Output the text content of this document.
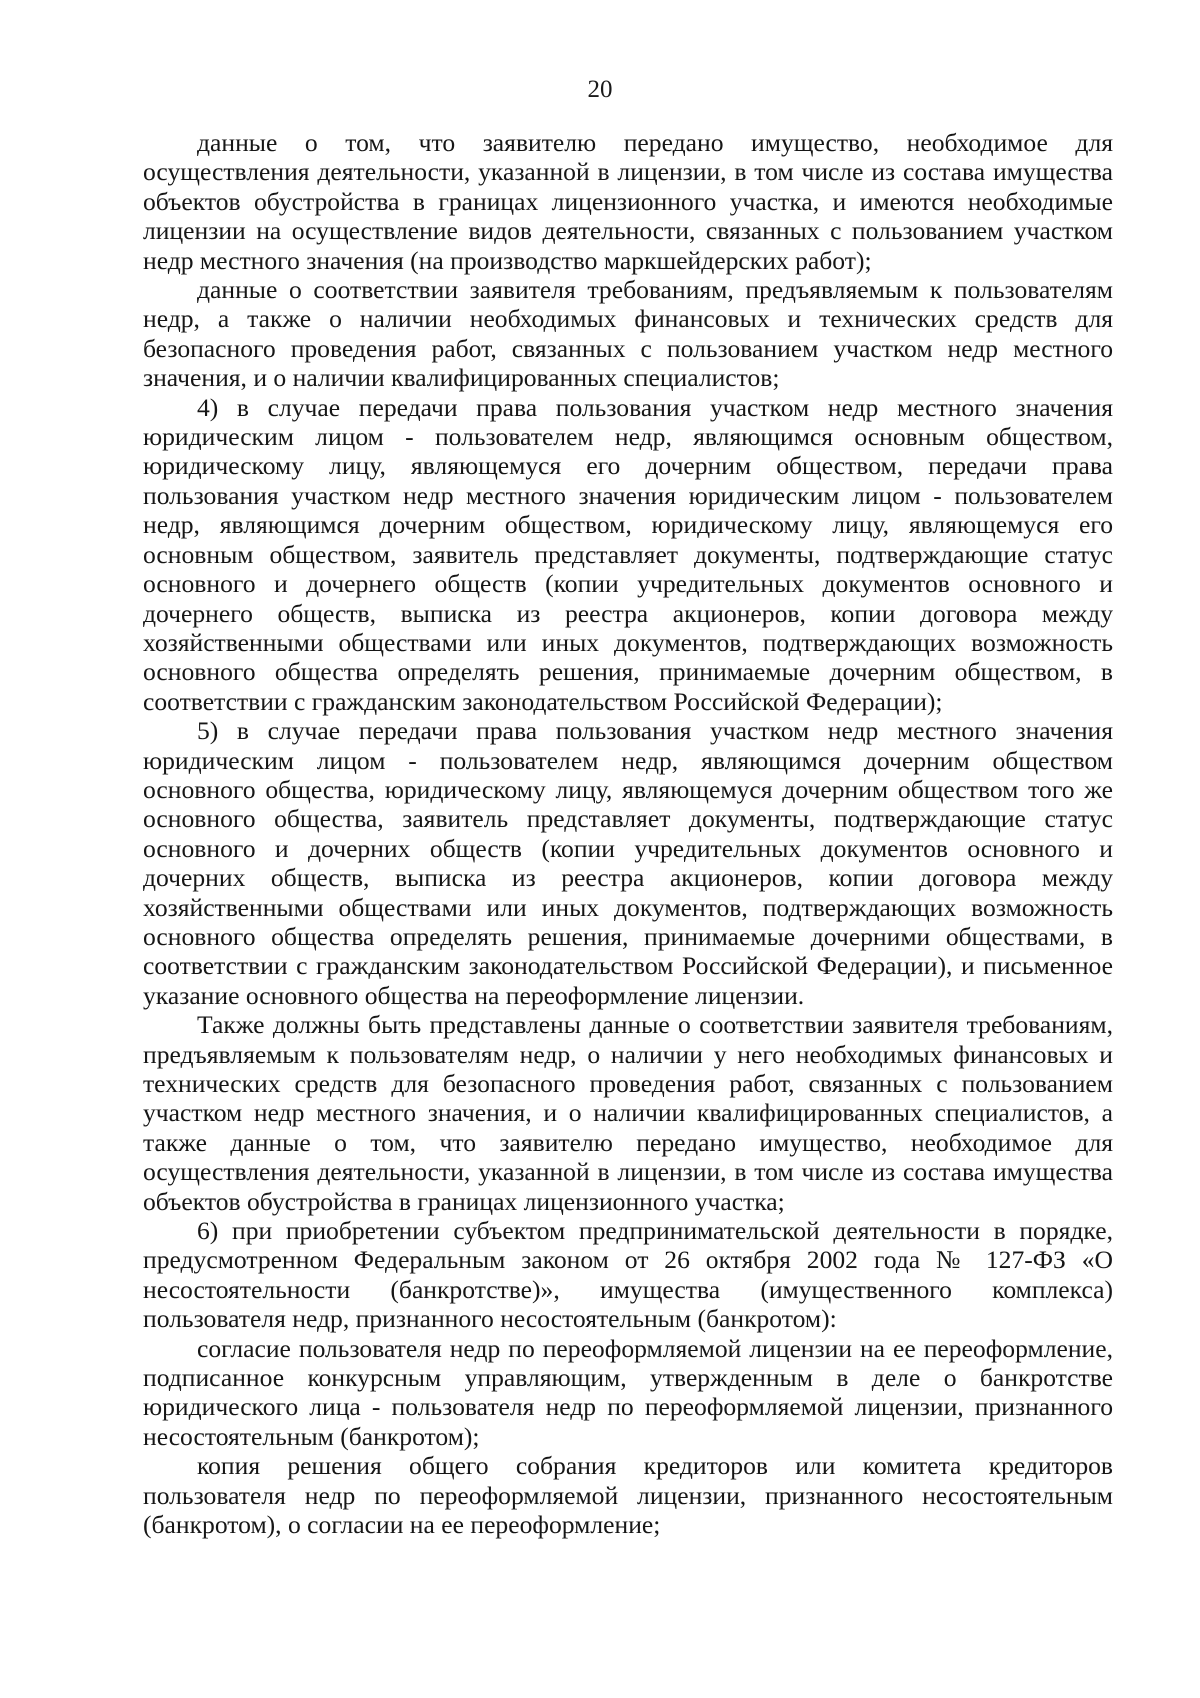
20

данные о том, что заявителю передано имущество, необходимое для осуществления деятельности, указанной в лицензии, в том числе из состава имущества объектов обустройства в границах лицензионного участка, и имеются необходимые лицензии на осуществление видов деятельности, связанных с пользованием участком недр местного значения (на производство маркшейдерских работ);

данные о соответствии заявителя требованиям, предъявляемым к пользователям недр, а также о наличии необходимых финансовых и технических средств для безопасного проведения работ, связанных с пользованием участком недр местного значения, и о наличии квалифицированных специалистов;

4) в случае передачи права пользования участком недр местного значения юридическим лицом - пользователем недр, являющимся основным обществом, юридическому лицу, являющемуся его дочерним обществом, передачи права пользования участком недр местного значения юридическим лицом - пользователем недр, являющимся дочерним обществом, юридическому лицу, являющемуся его основным обществом, заявитель представляет документы, подтверждающие статус основного и дочернего обществ (копии учредительных документов основного и дочернего обществ, выписка из реестра акционеров, копии договора между хозяйственными обществами или иных документов, подтверждающих возможность основного общества определять решения, принимаемые дочерним обществом, в соответствии с гражданским законодательством Российской Федерации);

5) в случае передачи права пользования участком недр местного значения юридическим лицом - пользователем недр, являющимся дочерним обществом основного общества, юридическому лицу, являющемуся дочерним обществом того же основного общества, заявитель представляет документы, подтверждающие статус основного и дочерних обществ (копии учредительных документов основного и дочерних обществ, выписка из реестра акционеров, копии договора между хозяйственными обществами или иных документов, подтверждающих возможность основного общества определять решения, принимаемые дочерними обществами, в соответствии с гражданским законодательством Российской Федерации), и письменное указание основного общества на переоформление лицензии.

Также должны быть представлены данные о соответствии заявителя требованиям, предъявляемым к пользователям недр, о наличии у него необходимых финансовых и технических средств для безопасного проведения работ, связанных с пользованием участком недр местного значения, и о наличии квалифицированных специалистов, а также данные о том, что заявителю передано имущество, необходимое для осуществления деятельности, указанной в лицензии, в том числе из состава имущества объектов обустройства в границах лицензионного участка;

6) при приобретении субъектом предпринимательской деятельности в порядке, предусмотренном Федеральным законом от 26 октября 2002 года № 127-ФЗ «О несостоятельности (банкротстве)», имущества (имущественного комплекса) пользователя недр, признанного несостоятельным (банкротом):

согласие пользователя недр по переоформляемой лицензии на ее переоформление, подписанное конкурсным управляющим, утвержденным в деле о банкротстве юридического лица - пользователя недр по переоформляемой лицензии, признанного несостоятельным (банкротом);

копия решения общего собрания кредиторов или комитета кредиторов пользователя недр по переоформляемой лицензии, признанного несостоятельным (банкротом), о согласии на ее переоформление;
